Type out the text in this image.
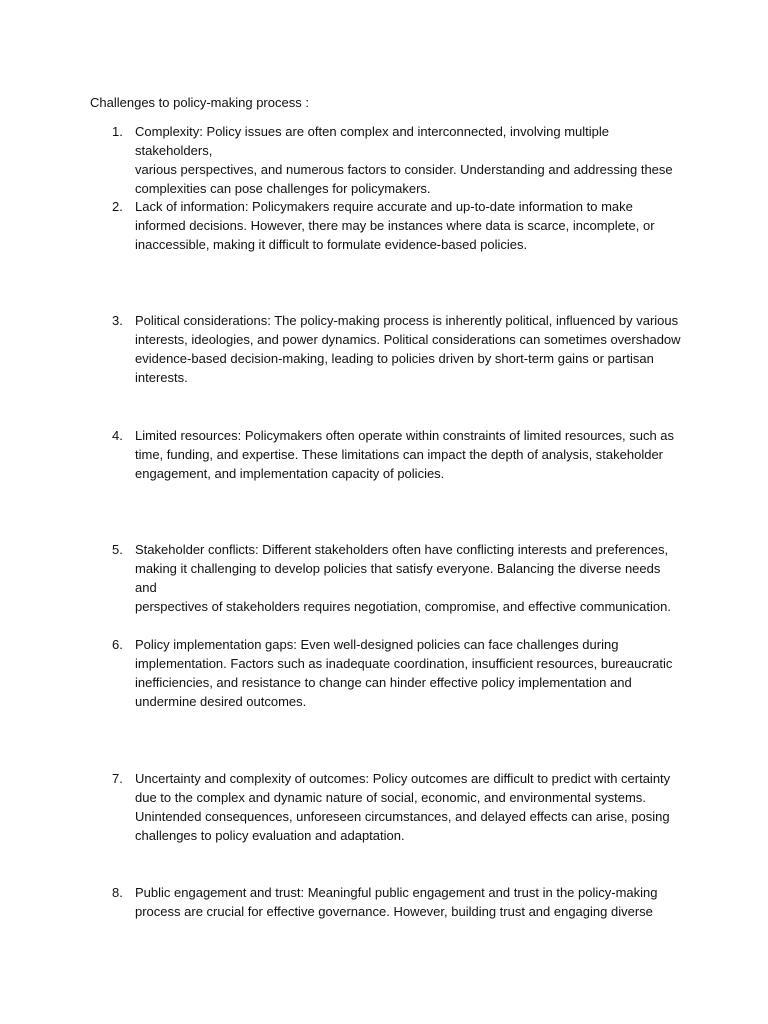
Challenges to policy-making process :
1. Complexity: Policy issues are often complex and interconnected, involving multiple stakeholders,
various perspectives, and numerous factors to consider. Understanding and addressing these
complexities can pose challenges for policymakers.
2. Lack of information: Policymakers require accurate and up-to-date information to make
informed decisions. However, there may be instances where data is scarce, incomplete, or
inaccessible, making it difficult to formulate evidence-based policies.
3. Political considerations: The policy-making process is inherently political, influenced by various
interests, ideologies, and power dynamics. Political considerations can sometimes overshadow
evidence-based decision-making, leading to policies driven by short-term gains or partisan
interests.
4. Limited resources: Policymakers often operate within constraints of limited resources, such as
time, funding, and expertise. These limitations can impact the depth of analysis, stakeholder
engagement, and implementation capacity of policies.
5. Stakeholder conflicts: Different stakeholders often have conflicting interests and preferences,
making it challenging to develop policies that satisfy everyone. Balancing the diverse needs and
perspectives of stakeholders requires negotiation, compromise, and effective communication.
6. Policy implementation gaps: Even well-designed policies can face challenges during
implementation. Factors such as inadequate coordination, insufficient resources, bureaucratic
inefficiencies, and resistance to change can hinder effective policy implementation and
undermine desired outcomes.
7. Uncertainty and complexity of outcomes: Policy outcomes are difficult to predict with certainty
due to the complex and dynamic nature of social, economic, and environmental systems.
Unintended consequences, unforeseen circumstances, and delayed effects can arise, posing
challenges to policy evaluation and adaptation.
8. Public engagement and trust: Meaningful public engagement and trust in the policy-making
process are crucial for effective governance. However, building trust and engaging diverse
